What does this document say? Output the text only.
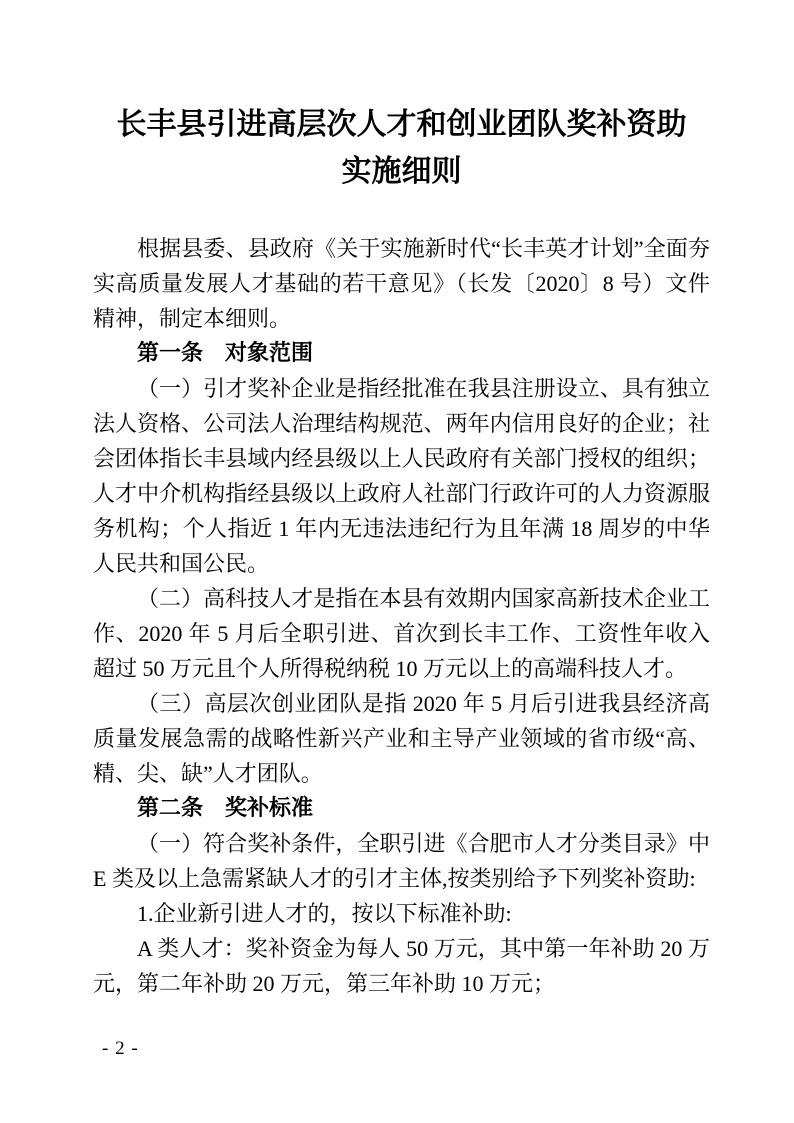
长丰县引进高层次人才和创业团队奖补资助
实施细则

根据县委、县政府《关于实施新时代“长丰英才计划”全面夯实高质量发展人才基础的若干意见》（长发〔2020〕8 号）文件精神，制定本细则。

第一条　对象范围

（一）引才奖补企业是指经批准在我县注册设立、具有独立法人资格、公司法人治理结构规范、两年内信用良好的企业；社会团体指长丰县域内经县级以上人民政府有关部门授权的组织；人才中介机构指经县级以上政府人社部门行政许可的人力资源服务机构；个人指近 1 年内无违法违纪行为且年满 18 周岁的中华人民共和国公民。

（二）高科技人才是指在本县有效期内国家高新技术企业工作、2020 年 5 月后全职引进、首次到长丰工作、工资性年收入超过 50 万元且个人所得税纳税 10 万元以上的高端科技人才。

（三）高层次创业团队是指 2020 年 5 月后引进我县经济高质量发展急需的战略性新兴产业和主导产业领域的省市级“高、精、尖、缺”人才团队。

第二条　奖补标准

（一）符合奖补条件，全职引进《合肥市人才分类目录》中 E 类及以上急需紧缺人才的引才主体,按类别给予下列奖补资助:

1.企业新引进人才的，按以下标准补助:

A 类人才：奖补资金为每人 50 万元，其中第一年补助 20 万元，第二年补助 20 万元，第三年补助 10 万元；

- 2 -
